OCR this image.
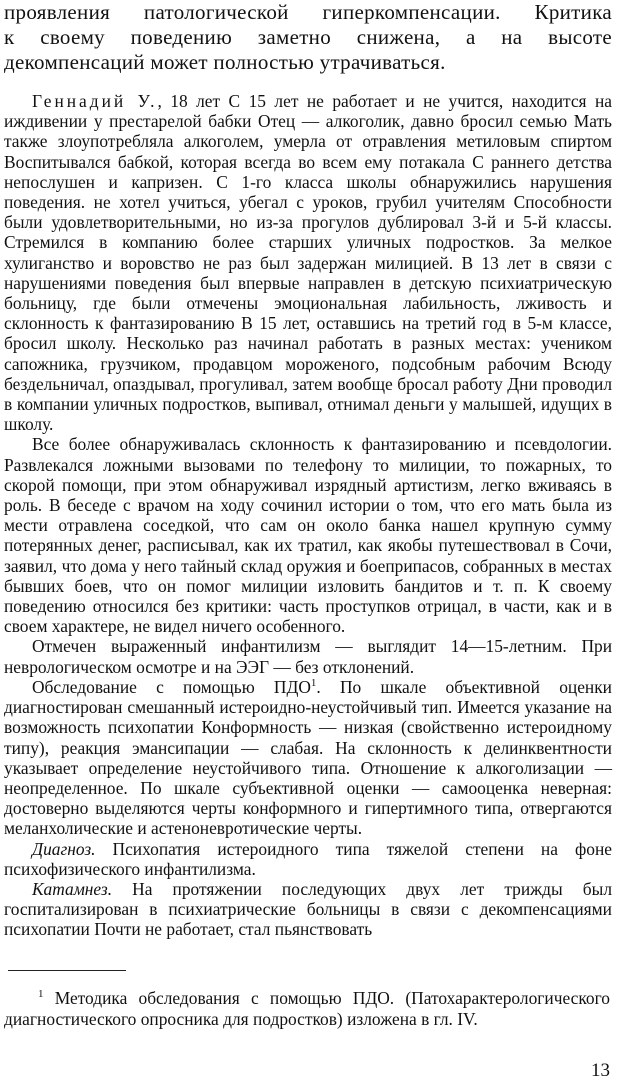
проявления патологической гиперкомпенсации. Критика
к своему поведению заметно снижена, а на высоте
декомпенсаций может полностью утрачиваться.

Геннадий У., 18 лет С 15 лет не работает и не учится, находится на иждивении у престарелой бабки Отец — алкоголик, давно бросил семью Мать также злоупотребляла алкоголем, умерла от отравления метиловым спиртом Воспитывался бабкой, которая всегда во всем ему потакала С раннего детства непослушен и капризен. С 1-го класса школы обнаружились нарушения поведения. не хотел учиться, убегал с уроков, грубил учителям Способности были удовлетворительными, но из-за прогулов дублировал 3-й и 5-й классы. Стремился в компанию более старших уличных подростков. За мелкое хулиганство и воровство не раз был задержан милицией. В 13 лет в связи с нарушениями поведения был впервые направлен в детскую психиатрическую больницу, где были отмечены эмоциональная лабильность, лживость и склонность к фантазированию В 15 лет, оставшись на третий год в 5-м классе, бросил школу. Несколько раз начинал работать в разных местах: учеником сапожника, грузчиком, продавцом мороженого, подсобным рабочим Всюду бездельничал, опаздывал, прогуливал, затем вообще бросал работу Дни проводил в компании уличных подростков, выпивал, отнимал деньги у малышей, идущих в школу.

Все более обнаруживалась склонность к фантазированию и псевдологии. Развлекался ложными вызовами по телефону то милиции, то пожарных, то скорой помощи, при этом обнаруживал изрядный артистизм, легко вживаясь в роль. В беседе с врачом на ходу сочинил истории о том, что его мать была из мести отравлена соседкой, что сам он около банка нашел крупную сумму потерянных денег, расписывал, как их тратил, как якобы путешествовал в Сочи, заявил, что дома у него тайный склад оружия и боеприпасов, собранных в местах бывших боев, что он помог милиции изловить бандитов и т. п. К своему поведению относился без критики: часть проступков отрицал, в части, как и в своем характере, не видел ничего особенного.

Отмечен выраженный инфантилизм — выглядит 14—15-летним. При неврологическом осмотре и на ЭЭГ — без отклонений.

Обследование с помощью ПДО$^1$. По шкале объективной оценки диагностирован смешанный истероидно-неустойчивый тип. Имеется указание на возможность психопатии Конформность — низкая (свойственно истероидному типу), реакция эмансипации — слабая. На склонность к делинквентности указывает определение неустойчивого типа. Отношение к алкоголизации — неопределенное. По шкале субъективной оценки — самооценка неверная: достоверно выделяются черты конформного и гипертимного типа, отвергаются меланхолические и астеноневротические черты.

Диагноз. Психопатия истероидного типа тяжелой степени на фоне психофизического инфантилизма.

Катамнез. На протяжении последующих двух лет трижды был госпитализирован в психиатрические больницы в связи с декомпенсациями психопатии Почти не работает, стал пьянствовать

$^1$ Методика обследования с помощью ПДО. (Патохарактерологического диагностического опросника для подростков) изложена в гл. IV.

13
